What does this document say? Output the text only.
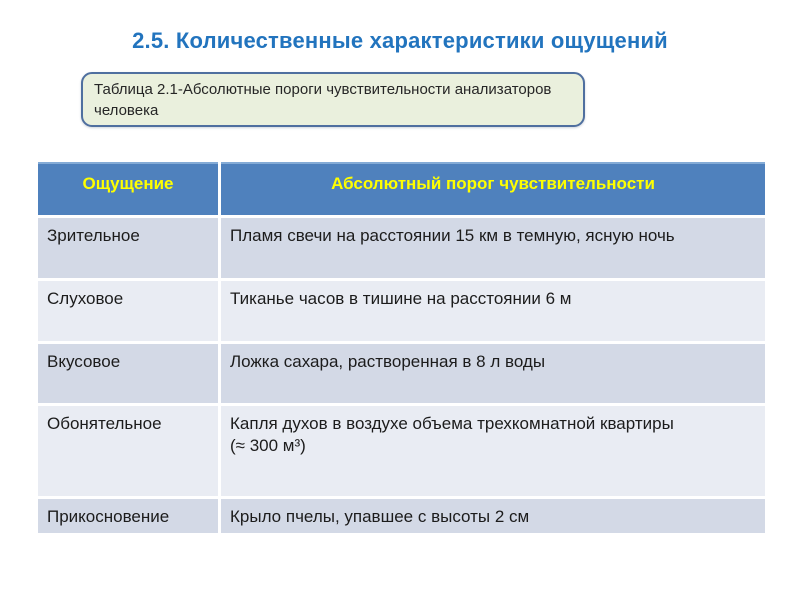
2.5. Количественные характеристики ощущений
Таблица 2.1-Абсолютные пороги чувствительности анализаторов человека
Ощущение	Абсолютный порог чувствительности
Зрительное	Пламя свечи на расстоянии 15 км в темную, ясную ночь
Слуховое	Тиканье часов в тишине на расстоянии 6 м
Вкусовое	Ложка сахара, растворенная в 8 л воды
Обонятельное	Капля духов в воздухе объема трехкомнатной квартиры
(≈ 300 м³)
Прикосновение	Крыло пчелы, упавшее с высоты 2 см
